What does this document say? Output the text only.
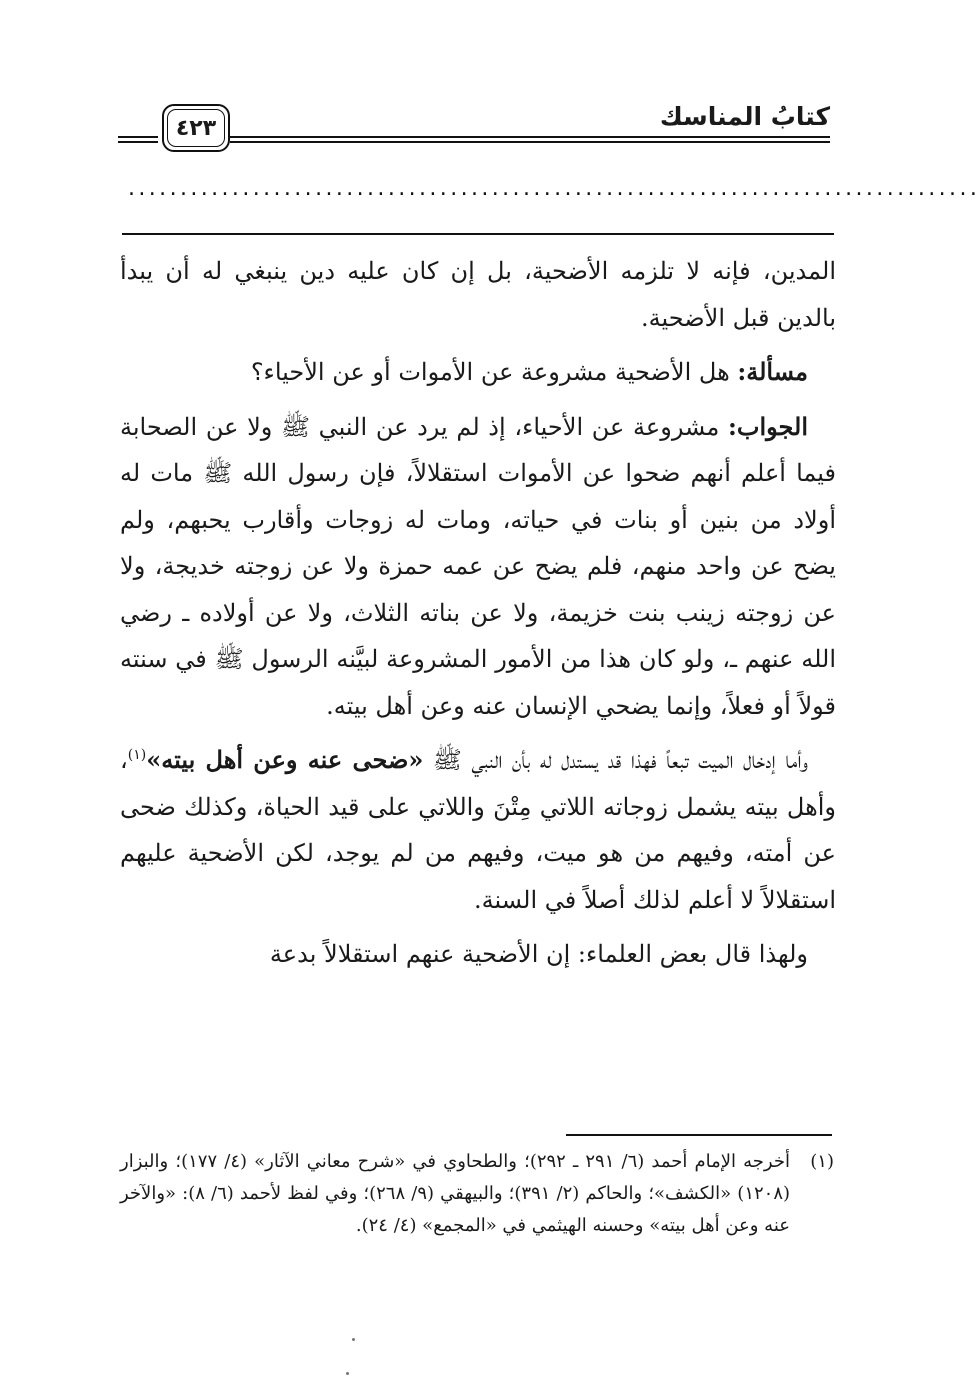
كتابُ المناسك
٤٢٣
..................................................................................

المدين، فإنه لا تلزمه الأضحية، بل إن كان عليه دين ينبغي له أن يبدأ بالدين قبل الأضحية.

مسألة: هل الأضحية مشروعة عن الأموات أو عن الأحياء؟

الجواب: مشروعة عن الأحياء، إذ لم يرد عن النبي ﷺ ولا عن الصحابة فيما أعلم أنهم ضحوا عن الأموات استقلالاً، فإن رسول الله ﷺ مات له أولاد من بنين أو بنات في حياته، ومات له زوجات وأقارب يحبهم، ولم يضح عن واحد منهم، فلم يضح عن عمه حمزة ولا عن زوجته خديجة، ولا عن زوجته زينب بنت خزيمة، ولا عن بناته الثلاث، ولا عن أولاده ـ رضي الله عنهم ـ، ولو كان هذا من الأمور المشروعة لبيَّنه الرسول ﷺ في سنته قولاً أو فعلاً، وإنما يضحي الإنسان عنه وعن أهل بيته.

وأما إدخال الميت تبعاً فهذا قد يستدل له بأن النبي ﷺ «ضحى عنه وعن أهل بيته»$^{(١)}$، وأهل بيته يشمل زوجاته اللاتي مِتْنَ واللاتي على قيد الحياة، وكذلك ضحى عن أمته، وفيهم من هو ميت، وفيهم من لم يوجد، لكن الأضحية عليهم استقلالاً لا أعلم لذلك أصلاً في السنة.

ولهذا قال بعض العلماء: إن الأضحية عنهم استقلالاً بدعة

(١)
أخرجه الإمام أحمد (٦/ ٢٩١ ـ ٢٩٢)؛ والطحاوي في «شرح معاني الآثار» (٤/ ١٧٧)؛ والبزار (١٢٠٨) «الكشف»؛ والحاكم (٢/ ٣٩١)؛ والبيهقي (٩/ ٢٦٨)؛ وفي لفظ لأحمد (٦/ ٨): «والآخر عنه وعن أهل بيته» وحسنه الهيثمي في «المجمع» (٤/ ٢٤).
